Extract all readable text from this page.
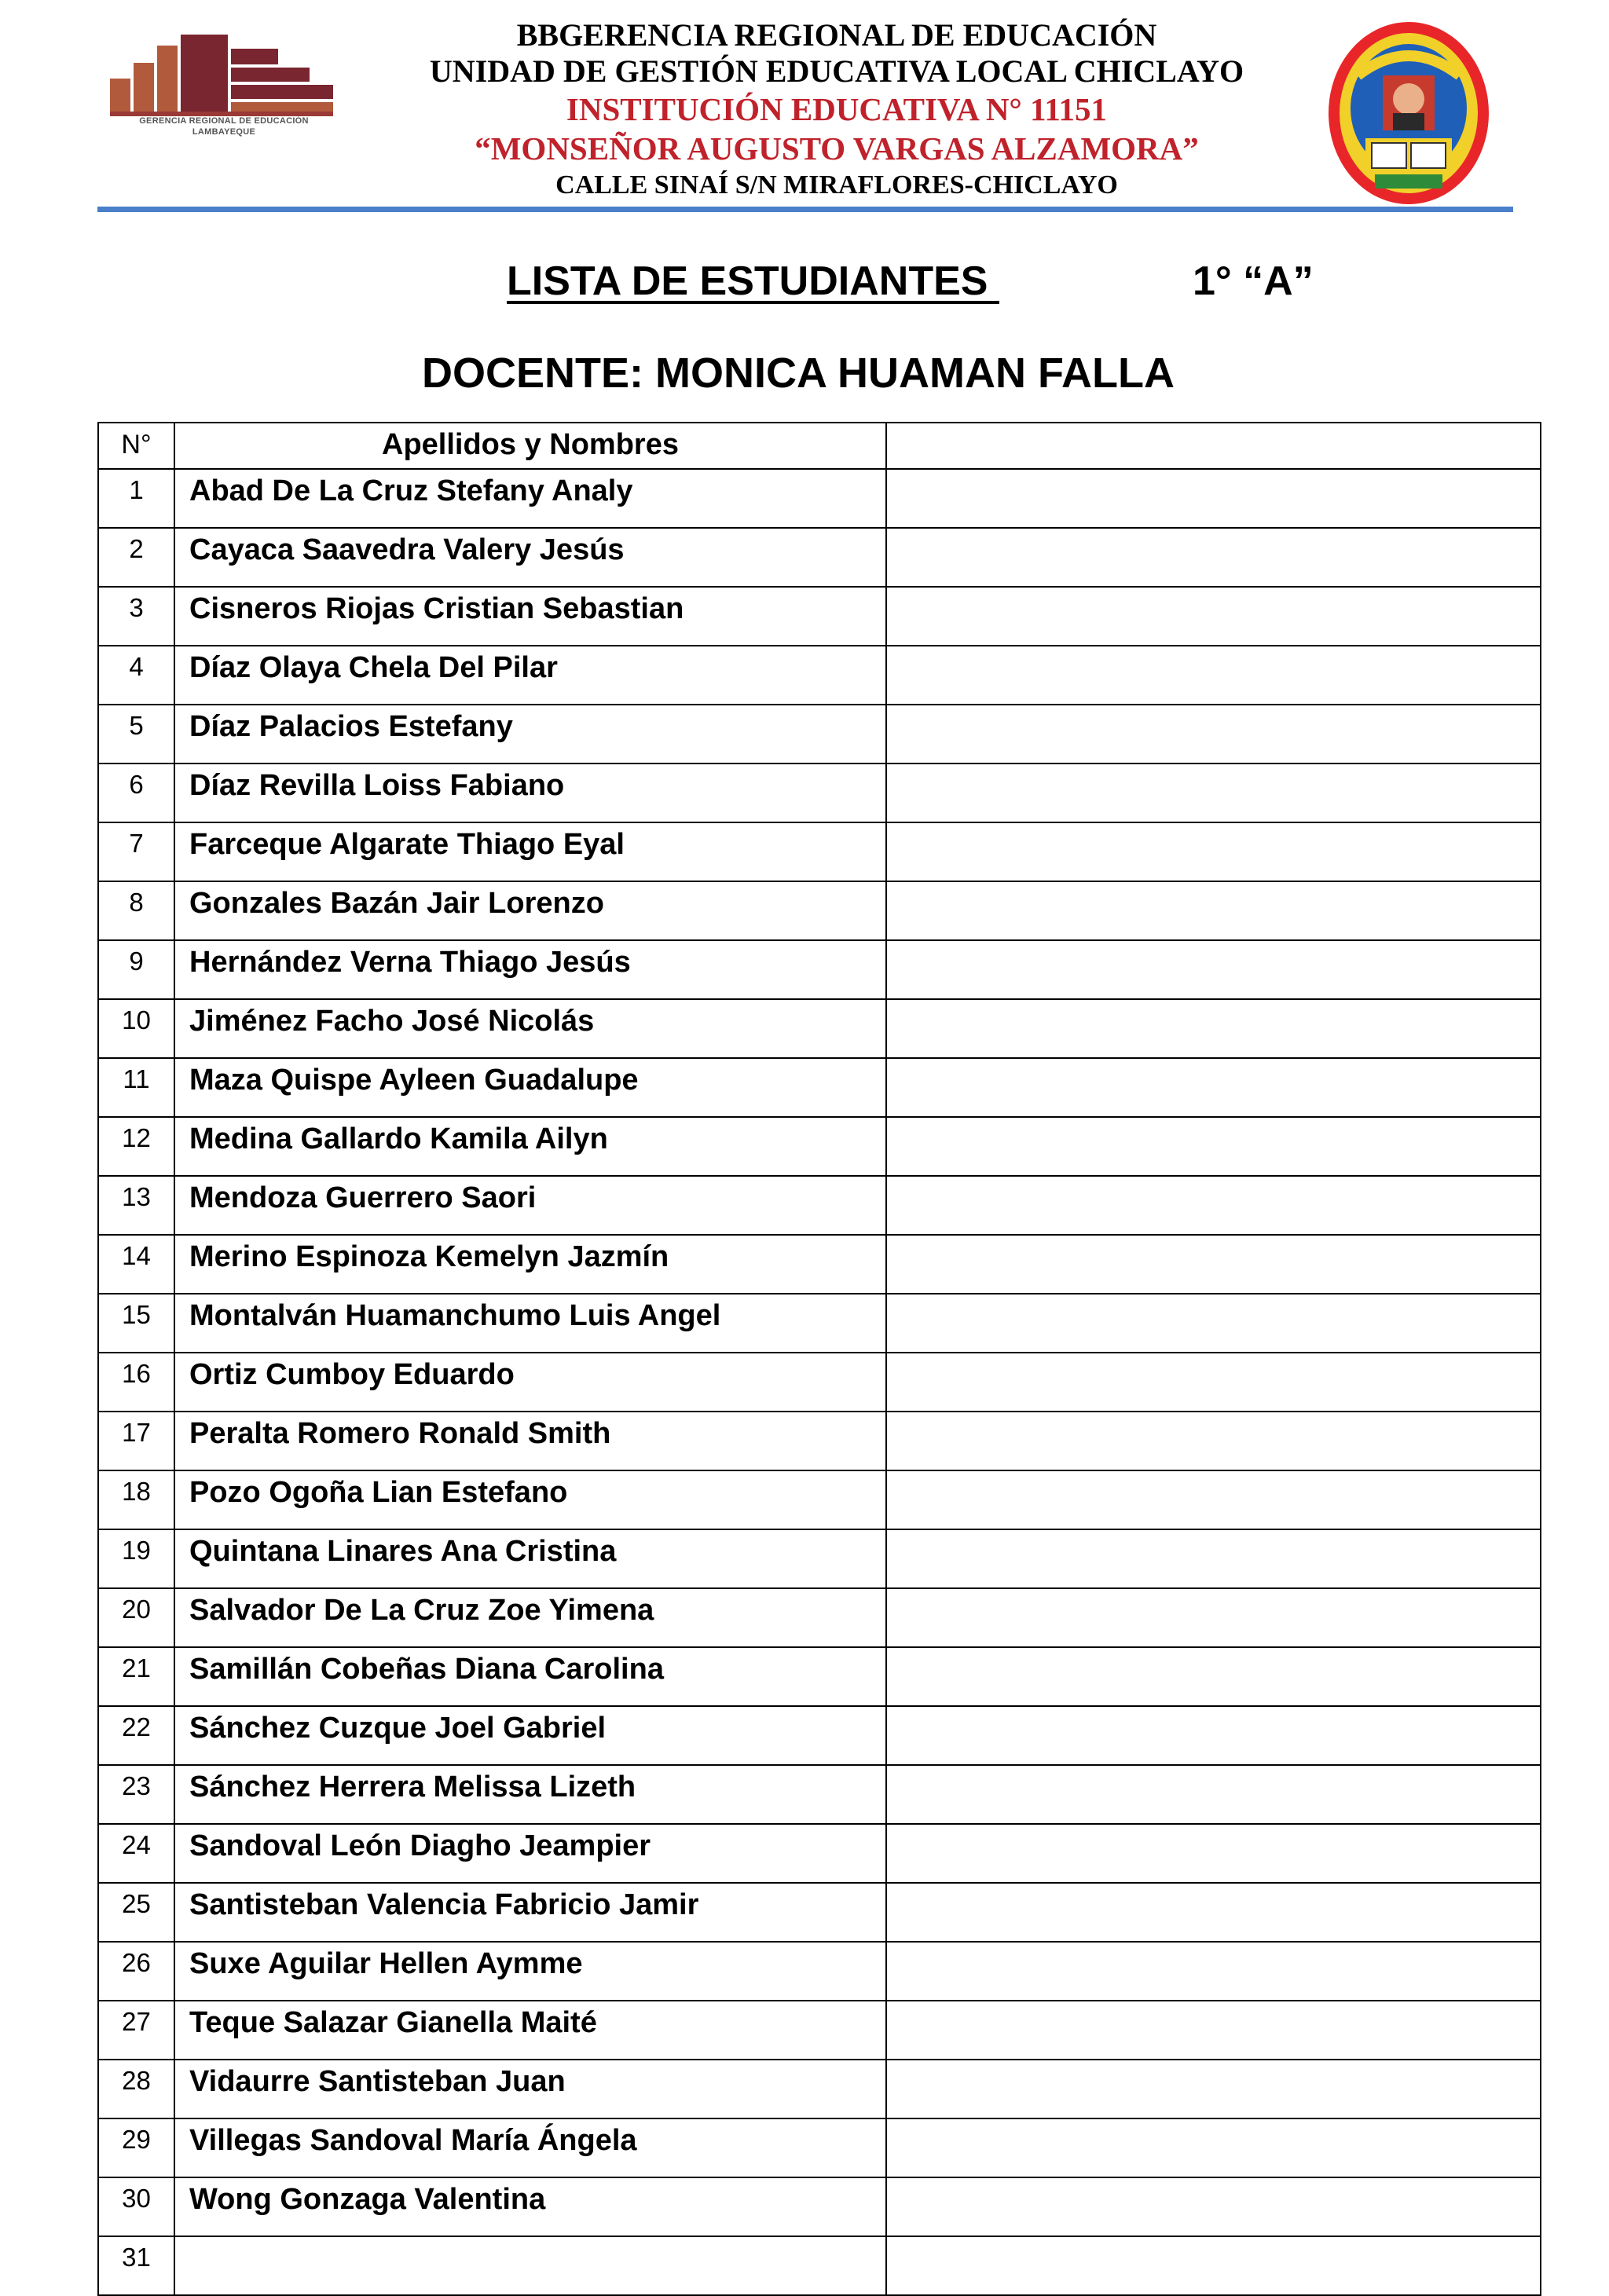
GERENCIA REGIONAL DE EDUCACIÓN
LAMBAYEQUE
BBGERENCIA REGIONAL DE EDUCACIÓN
UNIDAD DE GESTIÓN EDUCATIVA LOCAL CHICLAYO
INSTITUCIÓN EDUCATIVA N° 11151
“MONSEÑOR AUGUSTO VARGAS ALZAMORA”
CALLE SINAÍ S/N MIRAFLORES-CHICLAYO
LISTA DE ESTUDIANTES	1° “A”
DOCENTE: MONICA HUAMAN FALLA
N°	Apellidos y Nombres	
1	Abad De La Cruz Stefany Analy	
2	Cayaca Saavedra Valery Jesús	
3	Cisneros Riojas Cristian Sebastian	
4	Díaz Olaya Chela Del Pilar	
5	Díaz Palacios Estefany	
6	Díaz Revilla Loiss Fabiano	
7	Farceque Algarate Thiago Eyal	
8	Gonzales Bazán Jair Lorenzo	
9	Hernández Verna Thiago Jesús	
10	Jiménez Facho José Nicolás	
11	Maza Quispe Ayleen Guadalupe	
12	Medina Gallardo Kamila Ailyn	
13	Mendoza Guerrero Saori	
14	Merino Espinoza Kemelyn Jazmín	
15	Montalván Huamanchumo Luis Angel	
16	Ortiz Cumboy Eduardo	
17	Peralta Romero Ronald Smith	
18	Pozo Ogoña Lian Estefano	
19	Quintana Linares Ana Cristina	
20	Salvador De La Cruz Zoe Yimena	
21	Samillán Cobeñas Diana Carolina	
22	Sánchez Cuzque Joel Gabriel	
23	Sánchez Herrera Melissa Lizeth	
24	Sandoval León Diagho Jeampier	
25	Santisteban Valencia Fabricio Jamir	
26	Suxe Aguilar Hellen Aymme	
27	Teque Salazar Gianella Maité	
28	Vidaurre Santisteban Juan	
29	Villegas Sandoval María Ángela	
30	Wong Gonzaga Valentina	
31		
